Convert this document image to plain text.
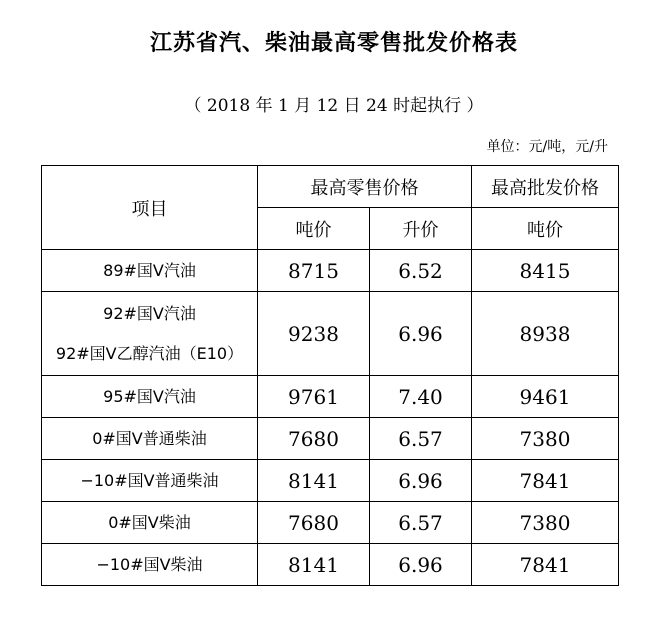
江苏省汽、柴油最高零售批发价格表
（ 2018 年 1 月 12 日 24 时起执行 ）
单位：元/吨，元/升
项目	最高零售价格		最高批发价格
	吨价	升价	吨价

89#国Ⅴ汽油	8715	6.52	8415

92#国Ⅴ汽油
92#国Ⅴ乙醇汽油（E10）	9238	6.96	8938

95#国Ⅴ汽油	9761	7.40	9461

0#国Ⅴ普通柴油	7680	6.57	7380

−10#国Ⅴ普通柴油	8141	6.96	7841

0#国Ⅴ柴油	7680	6.57	7380

−10#国Ⅴ柴油	8141	6.96	7841
